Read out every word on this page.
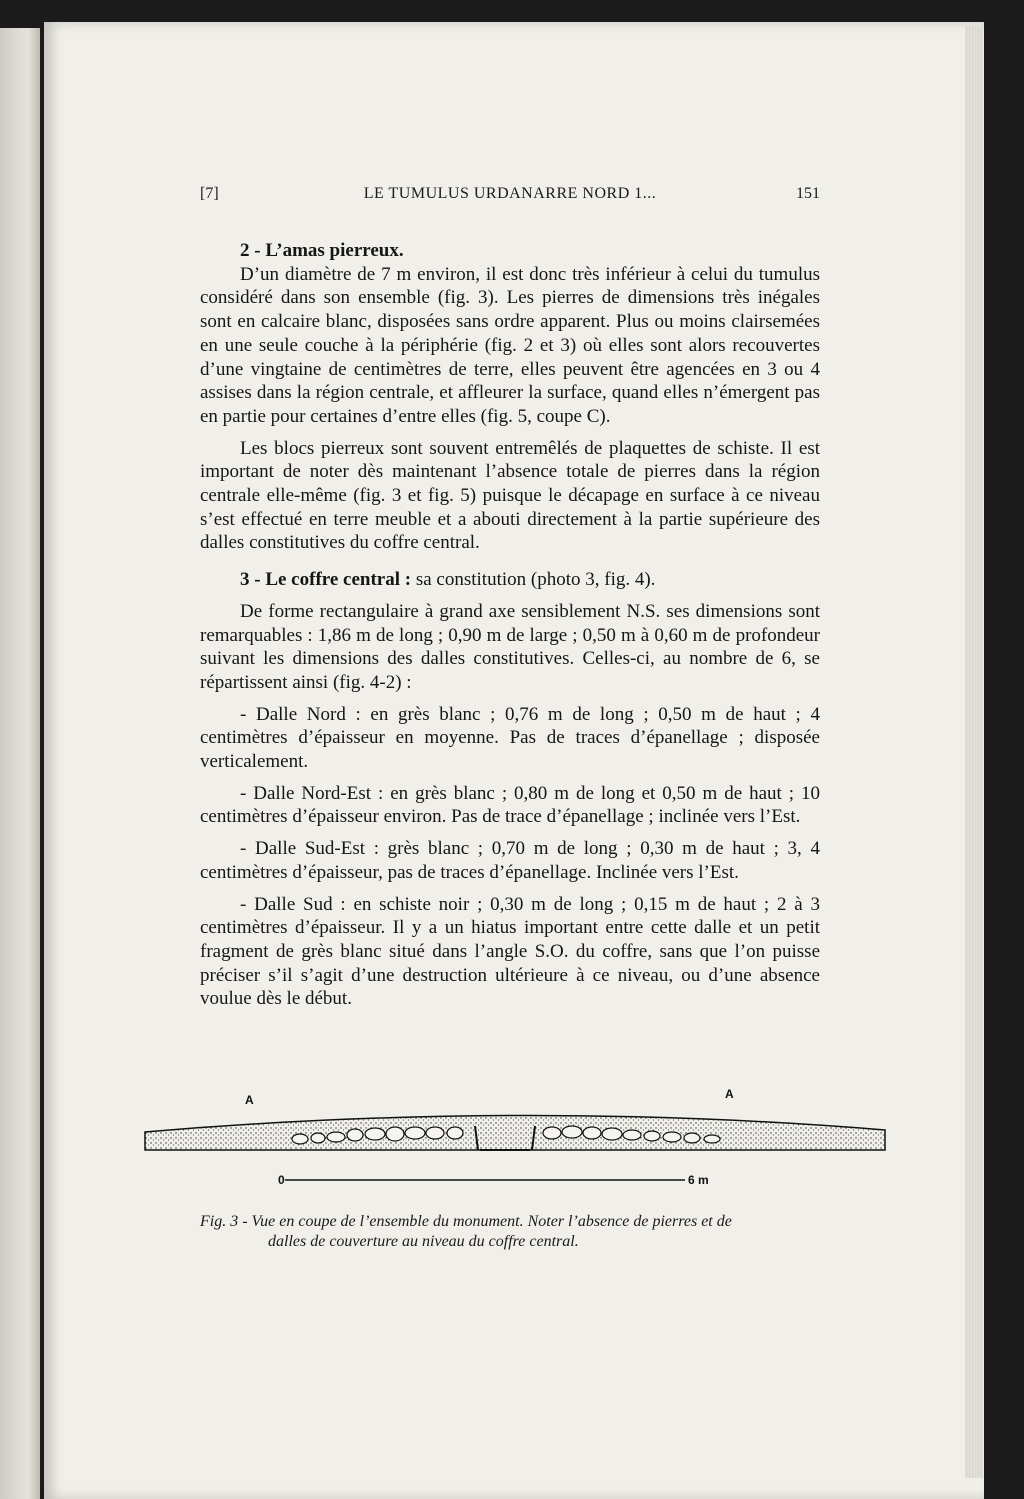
[7]	LE TUMULUS URDANARRE NORD 1...	151
2 - L’amas pierreux.

D’un diamètre de 7 m environ, il est donc très inférieur à celui du tumulus considéré dans son ensemble (fig. 3). Les pierres de dimensions très inégales sont en calcaire blanc, disposées sans ordre apparent. Plus ou moins clairsemées en une seule couche à la périphérie (fig. 2 et 3) où elles sont alors recouvertes d’une vingtaine de centimètres de terre, elles peuvent être agencées en 3 ou 4 assises dans la région centrale, et affleurer la surface, quand elles n’émergent pas en partie pour certaines d’entre elles (fig. 5, coupe C).

Les blocs pierreux sont souvent entremêlés de plaquettes de schiste. Il est important de noter dès maintenant l’absence totale de pierres dans la région centrale elle-même (fig. 3 et fig. 5) puisque le décapage en surface à ce niveau s’est effectué en terre meuble et a abouti directement à la partie supérieure des dalles constitutives du coffre central.

3 - Le coffre central : sa constitution (photo 3, fig. 4).

De forme rectangulaire à grand axe sensiblement N.S. ses dimensions sont remarquables : 1,86 m de long ; 0,90 m de large ; 0,50 m à 0,60 m de profondeur suivant les dimensions des dalles constitutives. Celles-ci, au nombre de 6, se répartissent ainsi (fig. 4-2) :

- Dalle Nord : en grès blanc ; 0,76 m de long ; 0,50 m de haut ; 4 centimètres d’épaisseur en moyenne. Pas de traces d’épanellage ; disposée verticalement.

- Dalle Nord-Est : en grès blanc ; 0,80 m de long et 0,50 m de haut ; 10 centimètres d’épaisseur environ. Pas de trace d’épanellage ; inclinée vers l’Est.

- Dalle Sud-Est : grès blanc ; 0,70 m de long ; 0,30 m de haut ; 3, 4 centimètres d’épaisseur, pas de traces d’épanellage. Inclinée vers l’Est.

- Dalle Sud : en schiste noir ; 0,30 m de long ; 0,15 m de haut ; 2 à 3 centimètres d’épaisseur. Il y a un hiatus important entre cette dalle et un petit fragment de grès blanc situé dans l’angle S.O. du coffre, sans que l’on puisse préciser s’il s’agit d’une destruction ultérieure à ce niveau, ou d’une absence voulue dès le début.

A	A
0	6 m
Fig. 3 - Vue en coupe de l’ensemble du monument. Noter l’absence de pierres et de
dalles de couverture au niveau du coffre central.
